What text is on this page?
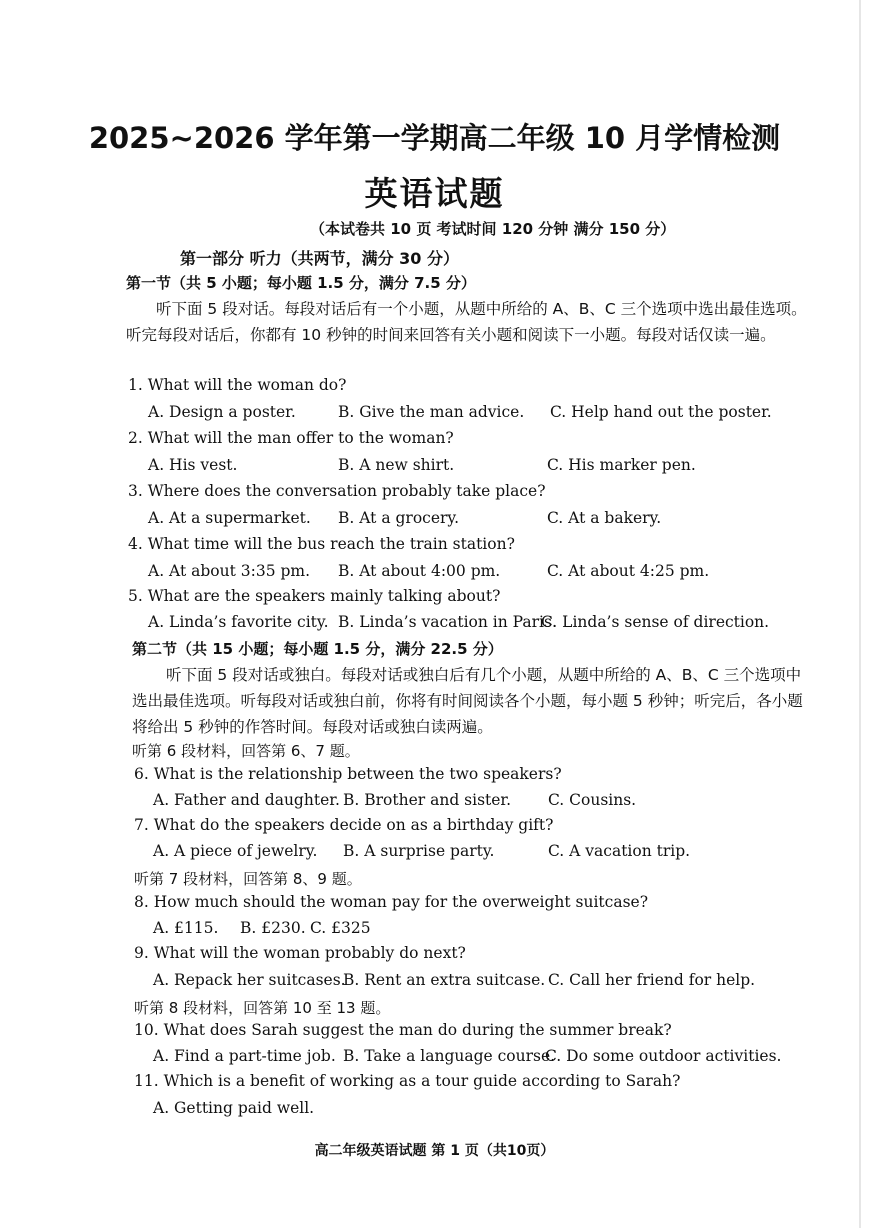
2025~2026 学年第一学期高二年级 10 月学情检测
英语试题
（本试卷共 10 页 考试时间 120 分钟 满分 150 分）
第一部分 听力（共两节，满分 30 分）
第一节（共 5 小题；每小题 1.5 分，满分 7.5 分）
听下面 5 段对话。每段对话后有一个小题，从题中所给的 A、B、C 三个选项中选出最佳选项。听完每段对话后，你都有 10 秒钟的时间来回答有关小题和阅读下一小题。每段对话仅读一遍。
1. What will the woman do?
A. Design a poster.	B. Give the man advice. C. Help hand out the poster.
2. What will the man offer to the woman?
A. His vest.	B. A new shirt.	C. His marker pen.
3. Where does the conversation probably take place?
A. At a supermarket. B. At a grocery.	C. At a bakery.
4. What time will the bus reach the train station?
A. At about 3:35 pm. B. At about 4:00 pm.	C. At about 4:25 pm.
5. What are the speakers mainly talking about?
A. Linda’s favorite city. B. Linda’s vacation in Paris.
C. Linda’s sense of direction.
第二节（共 15 小题；每小题 1.5 分，满分 22.5 分）
听下面 5 段对话或独白。每段对话或独白后有几个小题，从题中所给的 A、B、C 三个选项中选出最佳选项。听每段对话或独白前，你将有时间阅读各个小题，每小题 5 秒钟；听完后，各小题将给出 5 秒钟的作答时间。每段对话或独白读两遍。
听第 6 段材料，回答第 6、7 题。
6. What is the relationship between the two speakers?
A. Father and daughter. B. Brother and sister. C. Cousins.
7. What do the speakers decide on as a birthday gift?
A. A piece of jewelry. B. A surprise party.	C. A vacation trip.
听第 7 段材料，回答第 8、9 题。
8. How much should the woman pay for the overweight suitcase?
A. £115. B. £230. C. £325
9. What will the woman probably do next?
A. Repack her suitcases.
B. Rent an extra suitcase. C. Call her friend for help.
听第 8 段材料，回答第 10 至 13 题。
10. What does Sarah suggest the man do during the summer break?
A. Find a part-time job. B. Take a language course.
C. Do some outdoor activities.
11. Which is a benefit of working as a tour guide according to Sarah?
A. Getting paid well.
高二年级英语试题 第 1 页（共10页）
